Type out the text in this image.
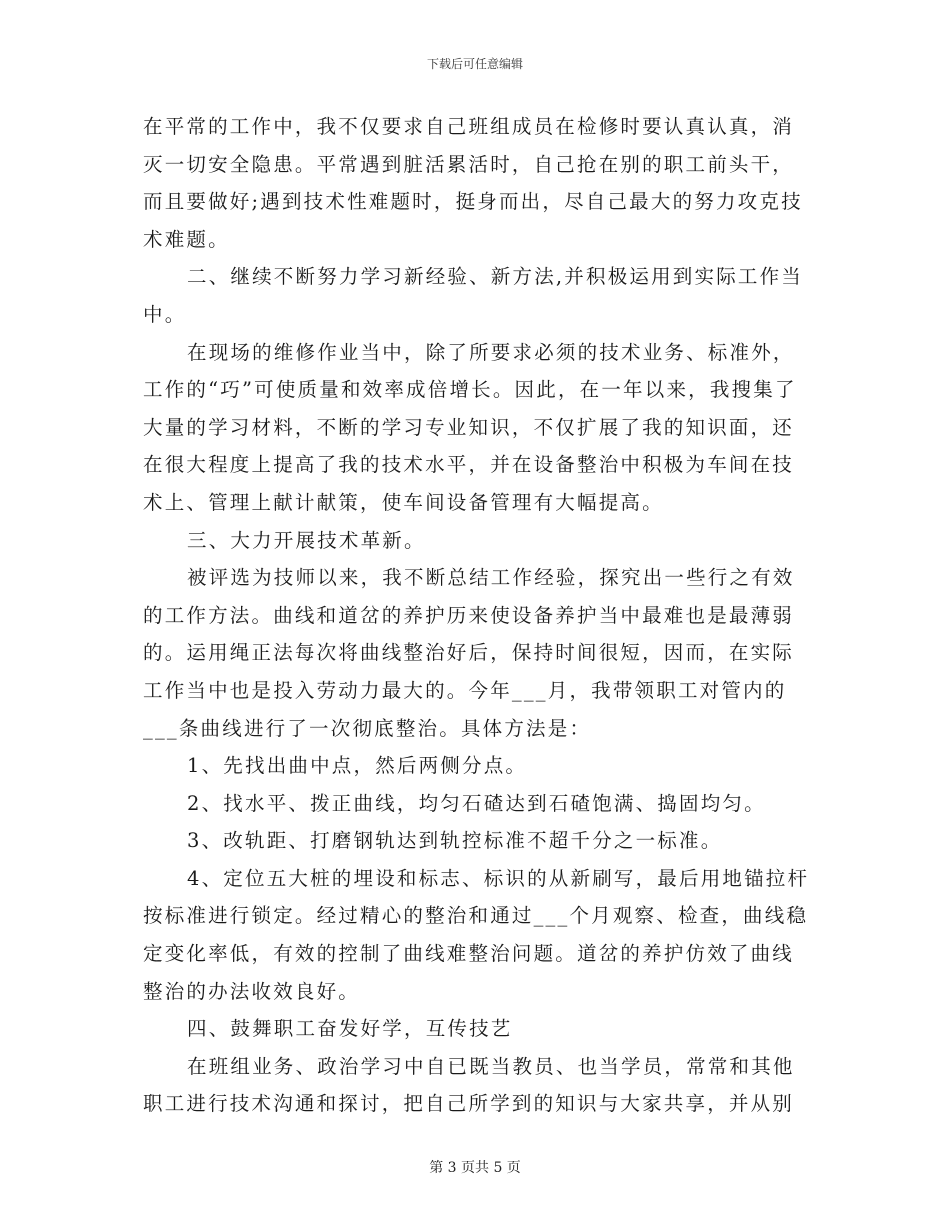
下载后可任意编辑

在平常的工作中，我不仅要求自己班组成员在检修时要认真认真，消灭一切安全隐患。平常遇到脏活累活时，自己抢在别的职工前头干，而且要做好;遇到技术性难题时，挺身而出，尽自己最大的努力攻克技术难题。

二、继续不断努力学习新经验、新方法,并积极运用到实际工作当中。

在现场的维修作业当中，除了所要求必须的技术业务、标准外，工作的“巧”可使质量和效率成倍增长。因此，在一年以来，我搜集了大量的学习材料，不断的学习专业知识，不仅扩展了我的知识面，还在很大程度上提高了我的技术水平，并在设备整治中积极为车间在技术上、管理上献计献策，使车间设备管理有大幅提高。

三、大力开展技术革新。

被评选为技师以来，我不断总结工作经验，探究出一些行之有效的工作方法。曲线和道岔的养护历来使设备养护当中最难也是最薄弱的。运用绳正法每次将曲线整治好后，保持时间很短，因而，在实际工作当中也是投入劳动力最大的。今年___月，我带领职工对管内的___条曲线进行了一次彻底整治。具体方法是：

1、先找出曲中点，然后两侧分点。

2、找水平、拨正曲线，均匀石碴达到石碴饱满、捣固均匀。

3、改轨距、打磨钢轨达到轨控标准不超千分之一标准。

4、定位五大桩的埋设和标志、标识的从新刷写，最后用地锚拉杆按标准进行锁定。经过精心的整治和通过___个月观察、检查，曲线稳定变化率低，有效的控制了曲线难整治问题。道岔的养护仿效了曲线整治的办法收效良好。

四、鼓舞职工奋发好学，互传技艺

在班组业务、政治学习中自已既当教员、也当学员，常常和其他职工进行技术沟通和探讨，把自己所学到的知识与大家共享，并从别

第 3 页共 5 页
